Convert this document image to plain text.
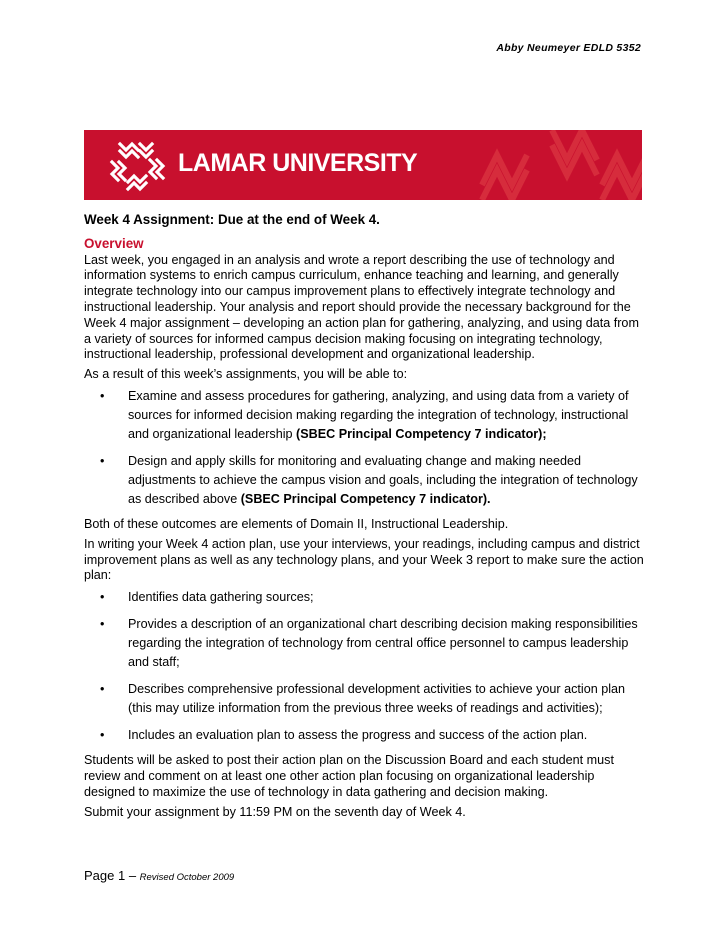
Abby Neumeyer EDLD 5352
LAMAR UNIVERSITY
Week 4 Assignment: Due at the end of Week 4.
Overview

Last week, you engaged in an analysis and wrote a report describing the use of technology and information systems to enrich campus curriculum, enhance teaching and learning, and generally integrate technology into our campus improvement plans to effectively integrate technology and instructional leadership. Your analysis and report should provide the necessary background for the Week 4 major assignment – developing an action plan for gathering, analyzing, and using data from a variety of sources for informed campus decision making focusing on integrating technology, instructional leadership, professional development and organizational leadership.

As a result of this week’s assignments, you will be able to:

• Examine and assess procedures for gathering, analyzing, and using data from a variety of sources for informed decision making regarding the integration of technology, instructional and organizational leadership (SBEC Principal Competency 7 indicator);
• Design and apply skills for monitoring and evaluating change and making needed adjustments to achieve the campus vision and goals, including the integration of technology as described above (SBEC Principal Competency 7 indicator).

Both of these outcomes are elements of Domain II, Instructional Leadership.

In writing your Week 4 action plan, use your interviews, your readings, including campus and district improvement plans as well as any technology plans, and your Week 3 report to make sure the action plan:

• Identifies data gathering sources;
• Provides a description of an organizational chart describing decision making responsibilities regarding the integration of technology from central office personnel to campus leadership and staff;
• Describes comprehensive professional development activities to achieve your action plan (this may utilize information from the previous three weeks of readings and activities);
• Includes an evaluation plan to assess the progress and success of the action plan.

Students will be asked to post their action plan on the Discussion Board and each student must review and comment on at least one other action plan focusing on organizational leadership designed to maximize the use of technology in data gathering and decision making.

Submit your assignment by 11:59 PM on the seventh day of Week 4.

Page 1 – Revised October 2009
